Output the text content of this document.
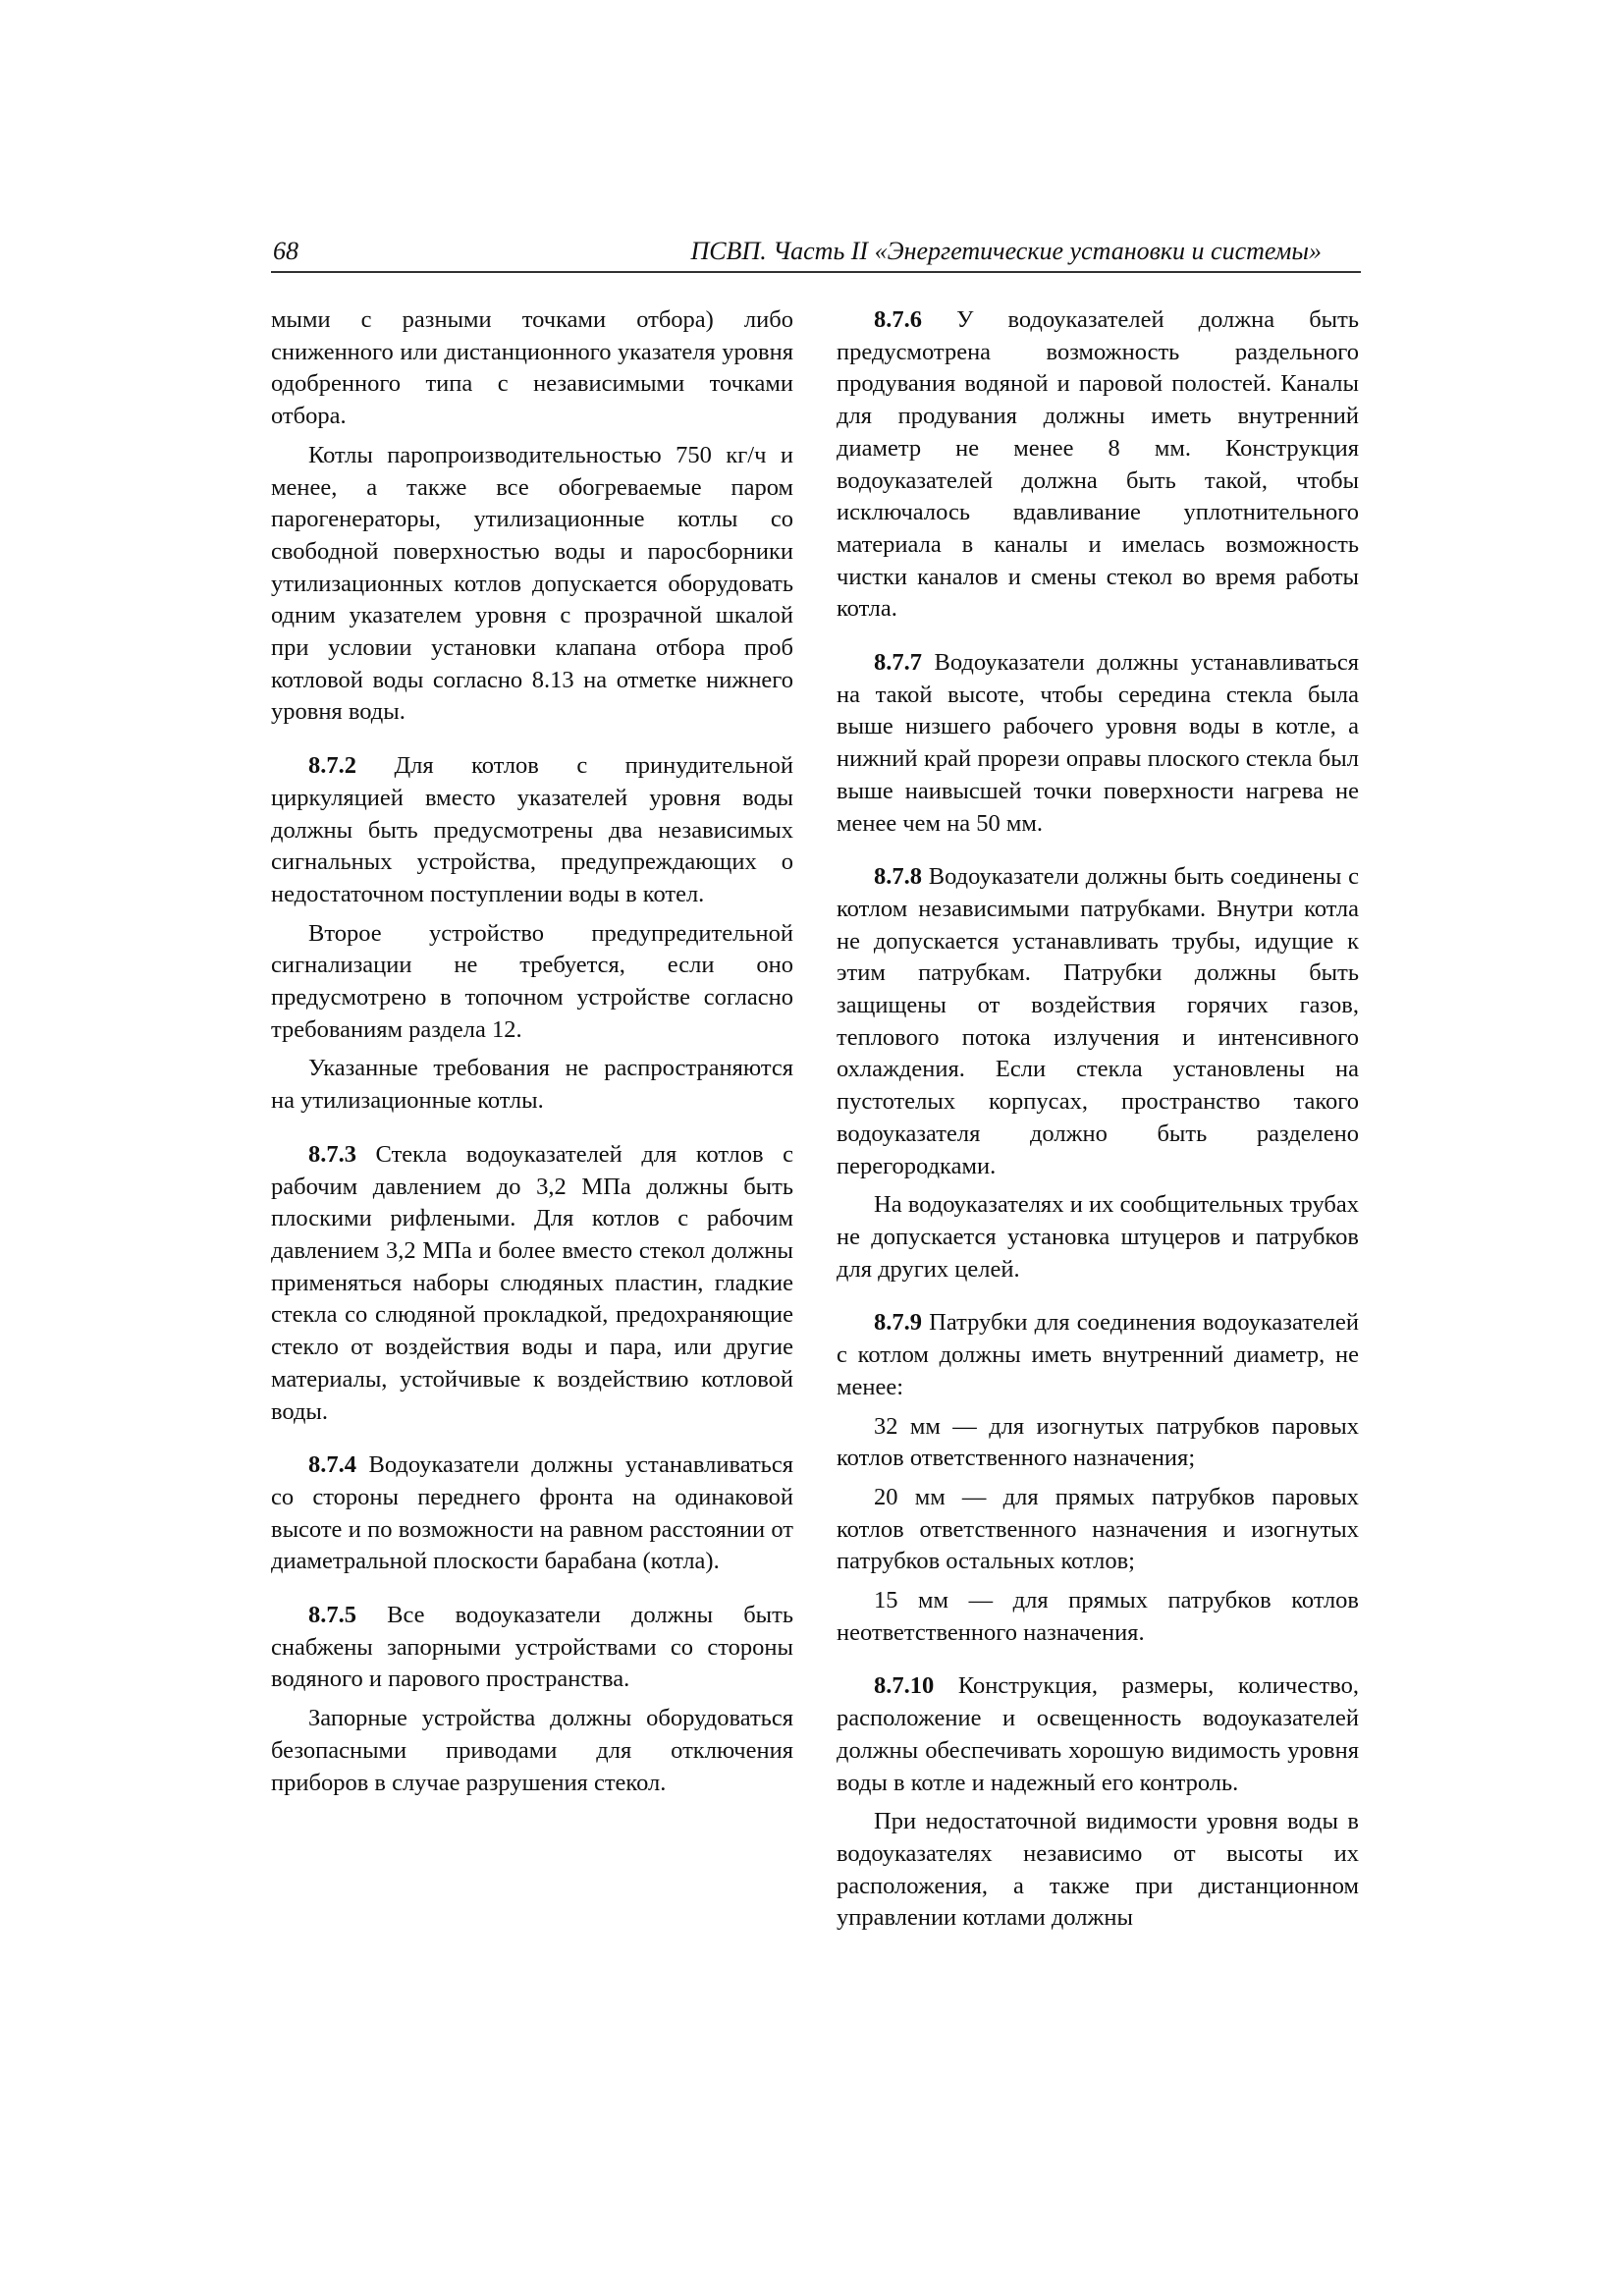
68	ПСВП. Часть II «Энергетические установки и системы»

мыми с разными точками отбора) либо сниженного или дистанционного указателя уровня одобренного типа с независимыми точками отбора.

Котлы паропроизводительностью 750 кг/ч и менее, а также все обогреваемые паром парогенераторы, утилизационные котлы со свободной поверхностью воды и паросборники утилизационных котлов допускается оборудовать одним указателем уровня с прозрачной шкалой при условии установки клапана отбора проб котловой воды согласно 8.13 на отметке нижнего уровня воды.

8.7.2 Для котлов с принудительной циркуляцией вместо указателей уровня воды должны быть предусмотрены два независимых сигнальных устройства, предупреждающих о недостаточном поступлении воды в котел.

Второе устройство предупредительной сигнализации не требуется, если оно предусмотрено в топочном устройстве согласно требованиям раздела 12.

Указанные требования не распространяются на утилизационные котлы.

8.7.3 Стекла водоуказателей для котлов с рабочим давлением до 3,2 МПа должны быть плоскими рифлеными. Для котлов с рабочим давлением 3,2 МПа и более вместо стекол должны применяться наборы слюдяных пластин, гладкие стекла со слюдяной прокладкой, предохраняющие стекло от воздействия воды и пара, или другие материалы, устойчивые к воздействию котловой воды.

8.7.4 Водоуказатели должны устанавливаться со стороны переднего фронта на одинаковой высоте и по возможности на равном расстоянии от диаметральной плоскости барабана (котла).

8.7.5 Все водоуказатели должны быть снабжены запорными устройствами со стороны водяного и парового пространства.

Запорные устройства должны оборудоваться безопасными приводами для отключения приборов в случае разрушения стекол.

8.7.6 У водоуказателей должна быть предусмотрена возможность раздельного продувания водяной и паровой полостей. Каналы для продувания должны иметь внутренний диаметр не менее 8 мм. Конструкция водоуказателей должна быть такой, чтобы исключалось вдавливание уплотнительного материала в каналы и имелась возможность чистки каналов и смены стекол во время работы котла.

8.7.7 Водоуказатели должны устанавливаться на такой высоте, чтобы середина стекла была выше низшего рабочего уровня воды в котле, а нижний край прорези оправы плоского стекла был выше наивысшей точки поверхности нагрева не менее чем на 50 мм.

8.7.8 Водоуказатели должны быть соединены с котлом независимыми патрубками. Внутри котла не допускается устанавливать трубы, идущие к этим патрубкам. Патрубки должны быть защищены от воздействия горячих газов, теплового потока излучения и интенсивного охлаждения. Если стекла установлены на пустотелых корпусах, пространство такого водоуказателя должно быть разделено перегородками.

На водоуказателях и их сообщительных трубах не допускается установка штуцеров и патрубков для других целей.

8.7.9 Патрубки для соединения водоуказателей с котлом должны иметь внутренний диаметр, не менее:

32 мм — для изогнутых патрубков паровых котлов ответственного назначения;

20 мм — для прямых патрубков паровых котлов ответственного назначения и изогнутых патрубков остальных котлов;

15 мм — для прямых патрубков котлов неответственного назначения.

8.7.10 Конструкция, размеры, количество, расположение и освещенность водоуказателей должны обеспечивать хорошую видимость уровня воды в котле и надежный его контроль.

При недостаточной видимости уровня воды в водоуказателях независимо от высоты их расположения, а также при дистанционном управлении котлами должны
